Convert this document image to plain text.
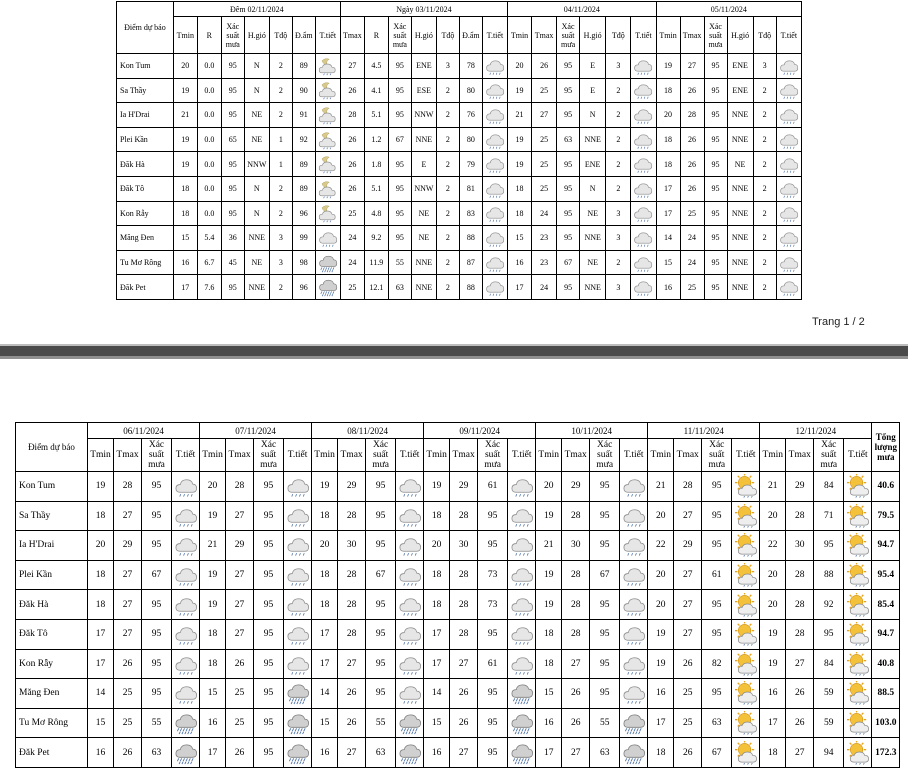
Điểm dự báo	Đêm 02/11/2024							Ngày 03/11/2024							04/11/2024						05/11/2024					
	Tmin	R	Xác
suất
mưa	H.gió	Tđộ	Đ.ẩm	T.tiết	Tmax	R	Xác
suất
mưa	H.gió	Tđộ	Đ.ẩm	T.tiết	Tmin	Tmax	Xác
suất
mưa	H.gió	Tđộ	T.tiết	Tmin	Tmax	Xác
suất
mưa	H.gió	Tđộ	T.tiết
Kon Tum	20	0.0	95	N	2	89		27	4.5	95	ENE	3	78		20	26	95	E	3		19	27	95	ENE	3	

Sa Thầy	19	0.0	95	N	2	90		26	4.1	95	ESE	2	80		19	25	95	E	2		18	26	95	ENE	2	

Ia H'Drai	21	0.0	95	NE	2	91		28	5.1	95	NNW	2	76		21	27	95	N	2		20	28	95	NNE	2	

Plei Kần	19	0.0	65	NE	1	92		26	1.2	67	NNE	2	80		19	25	63	NNE	2		18	26	95	NNE	2	

Đăk Hà	19	0.0	95	NNW	1	89		26	1.8	95	E	2	79		19	25	95	ENE	2		18	26	95	NE	2	

Đăk Tô	18	0.0	95	N	2	89		26	5.1	95	NNW	2	81		18	25	95	N	2		17	26	95	NNE	2	

Kon Rẫy	18	0.0	95	N	2	96		25	4.8	95	NE	2	83		18	24	95	NE	3		17	25	95	NNE	2	

Măng Đen	15	5.4	36	NNE	3	99		24	9.2	95	NE	2	88		15	23	95	NNE	3		14	24	95	NNE	2	

Tu Mơ Rông	16	6.7	45	NE	3	98		24	11.9	55	NNE	2	87		16	23	67	NE	2		15	24	95	NNE	2	

Đăk Pet	17	7.6	95	NNE	2	96		25	12.1	63	NNE	2	88		17	24	95	NNE	3		16	25	95	NNE	2	
Trang 1 / 2
Điểm dự báo	06/11/2024				07/11/2024				08/11/2024				09/11/2024				10/11/2024				11/11/2024				12/11/2024				Tổng
lượng
mưa
	Tmin	Tmax	Xác
suất
mưa	T.tiết	Tmin	Tmax	Xác
suất
mưa	T.tiết	Tmin	Tmax	Xác
suất
mưa	T.tiết	Tmin	Tmax	Xác
suất
mưa	T.tiết	Tmin	Tmax	Xác
suất
mưa	T.tiết	Tmin	Tmax	Xác
suất
mưa	T.tiết	Tmin	Tmax	Xác
suất
mưa	T.tiết	
Kon Tum	19	28	95		20	28	95		19	29	95		19	29	61		20	29	95		21	28	95		21	29	84		40.6
Sa Thầy	18	27	95		19	27	95		18	28	95		18	28	95		19	28	95		20	27	95		20	28	71		79.5
Ia H'Drai	20	29	95		21	29	95		20	30	95		20	30	95		21	30	95		22	29	95		22	30	95		94.7
Plei Kần	18	27	67		19	27	95		18	28	67		18	28	73		19	28	67		20	27	61		20	28	88		95.4
Đăk Hà	18	27	95		19	27	95		18	28	95		18	28	73		19	28	95		20	27	95		20	28	92		85.4
Đăk Tô	17	27	95		18	27	95		17	28	95		17	28	95		18	28	95		19	27	95		19	28	95		94.7
Kon Rẫy	17	26	95		18	26	95		17	27	95		17	27	61		18	27	95		19	26	82		19	27	84		40.8
Măng Đen	14	25	95		15	25	95		14	26	95		14	26	95		15	26	95		16	25	95		16	26	59		88.5
Tu Mơ Rông	15	25	55		16	25	95		15	26	55		15	26	95		16	26	55		17	25	63		17	26	59		103.0
Đăk Pet	16	26	63		17	26	95		16	27	63		16	27	95		17	27	63		18	26	67		18	27	94		172.3
